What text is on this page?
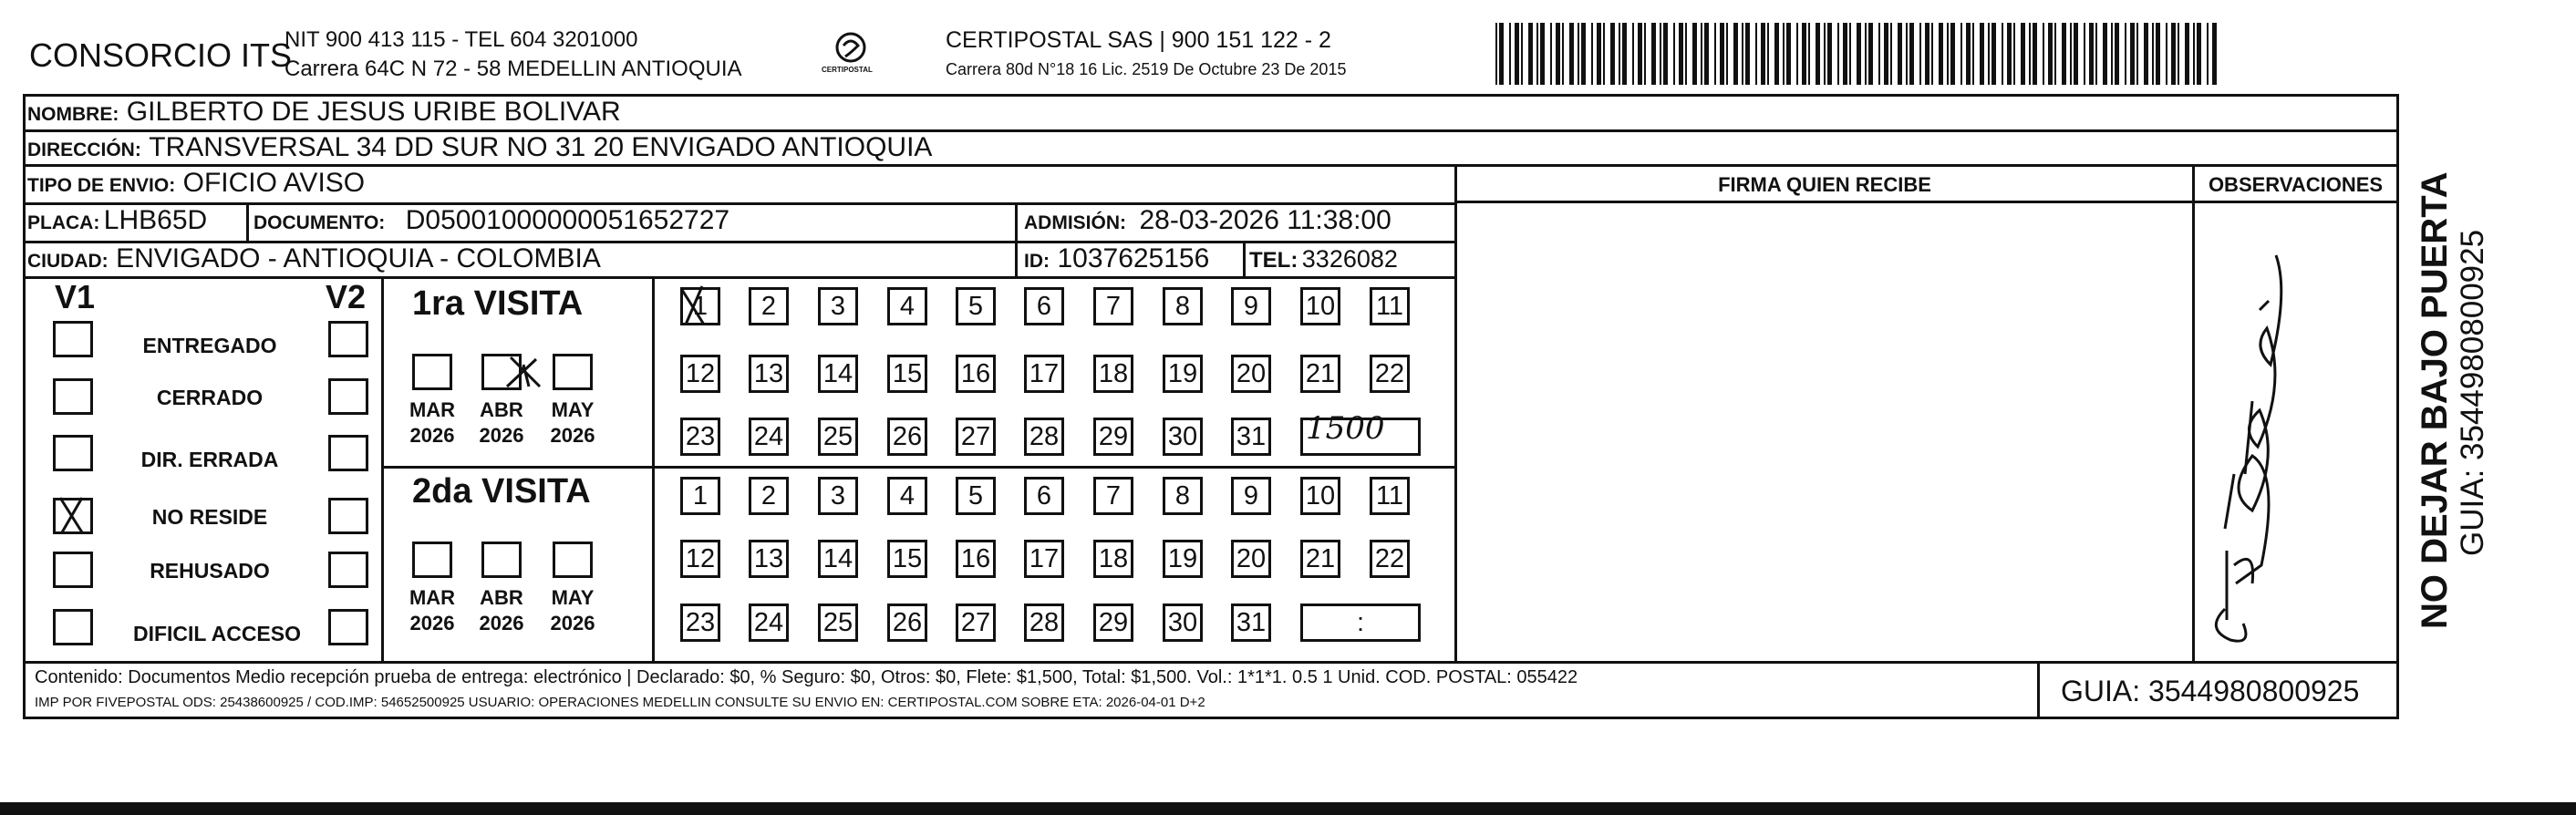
CONSORCIO ITS
NIT 900 413 115 - TEL 604 3201000
Carrera 64C N 72 - 58 MEDELLIN ANTIOQUIA	CERTIPOSTAL
CERTIPOSTAL SAS | 900 151 122 - 2
Carrera 80d N°18 16 Lic. 2519 De Octubre 23 De 2015
NOMBRE: GILBERTO DE JESUS URIBE BOLIVAR
DIRECCIÓN: TRANSVERSAL 34 DD SUR NO 31 20 ENVIGADO ANTIOQUIA
TIPO DE ENVIO: OFICIO AVISO	FIRMA QUIEN RECIBE	OBSERVACIONES
PLACA: LHB65D DOCUMENTO: D05001000000051652727	ADMISIÓN: 28-03-2026 11:38:00
CIUDAD: ENVIGADO - ANTIOQUIA - COLOMBIA	ID: 1037625156 TEL: 3326082
V1	V2
ENTREGADO
CERRADO
DIR. ERRADA
NO RESIDE
REHUSADO
DIFICIL ACCESO
1ra VISITA
2da VISITA
MAR
2026
ABR
2026
MAY
2026
MAR
2026
ABR
2026
MAY
2026
1	2	3	4	5	6	7	8	9	10 11
12 13 14 15 16 17 18 19 20 21 22
23 24 25 26 27 28 29 30 31
1	2	3	4	5	6	7	8	9	10 11
12 13 14 15 16 17 18 19 20 21 22
23 24 25 26 27 28 29 30 31	:
1500
Contenido: Documentos Medio recepción prueba de entrega: electrónico | Declarado: $0, % Seguro: $0, Otros: $0, Flete: $1,500, Total: $1,500. Vol.: 1*1*1. 0.5 1 Unid. COD. POSTAL: 055422
IMP POR FIVEPOSTAL ODS: 25438600925 / COD.IMP: 54652500925 USUARIO: OPERACIONES MEDELLIN CONSULTE SU ENVIO EN: CERTIPOSTAL.COM SOBRE ETA: 2026-04-01 D+2	GUIA: 3544980800925
NO DEJAR BAJO PUERTA GUIA: 3544980800925
